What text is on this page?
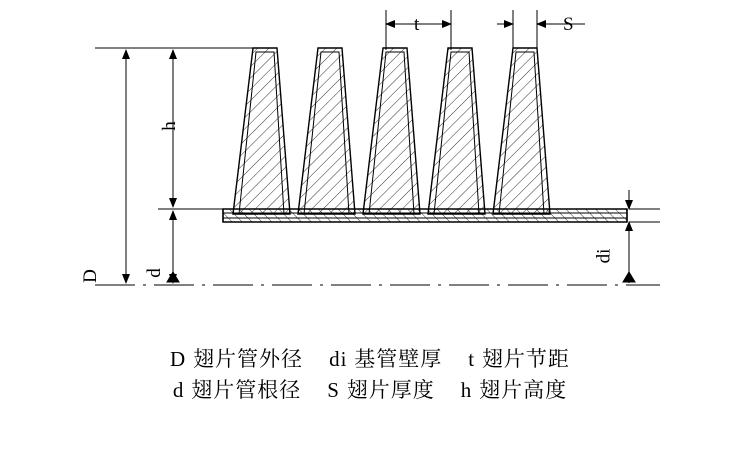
t	S
h
D d
di
D 翅片管外径 di 基管壁厚 t 翅片节距
d 翅片管根径 S 翅片厚度 h 翅片高度
